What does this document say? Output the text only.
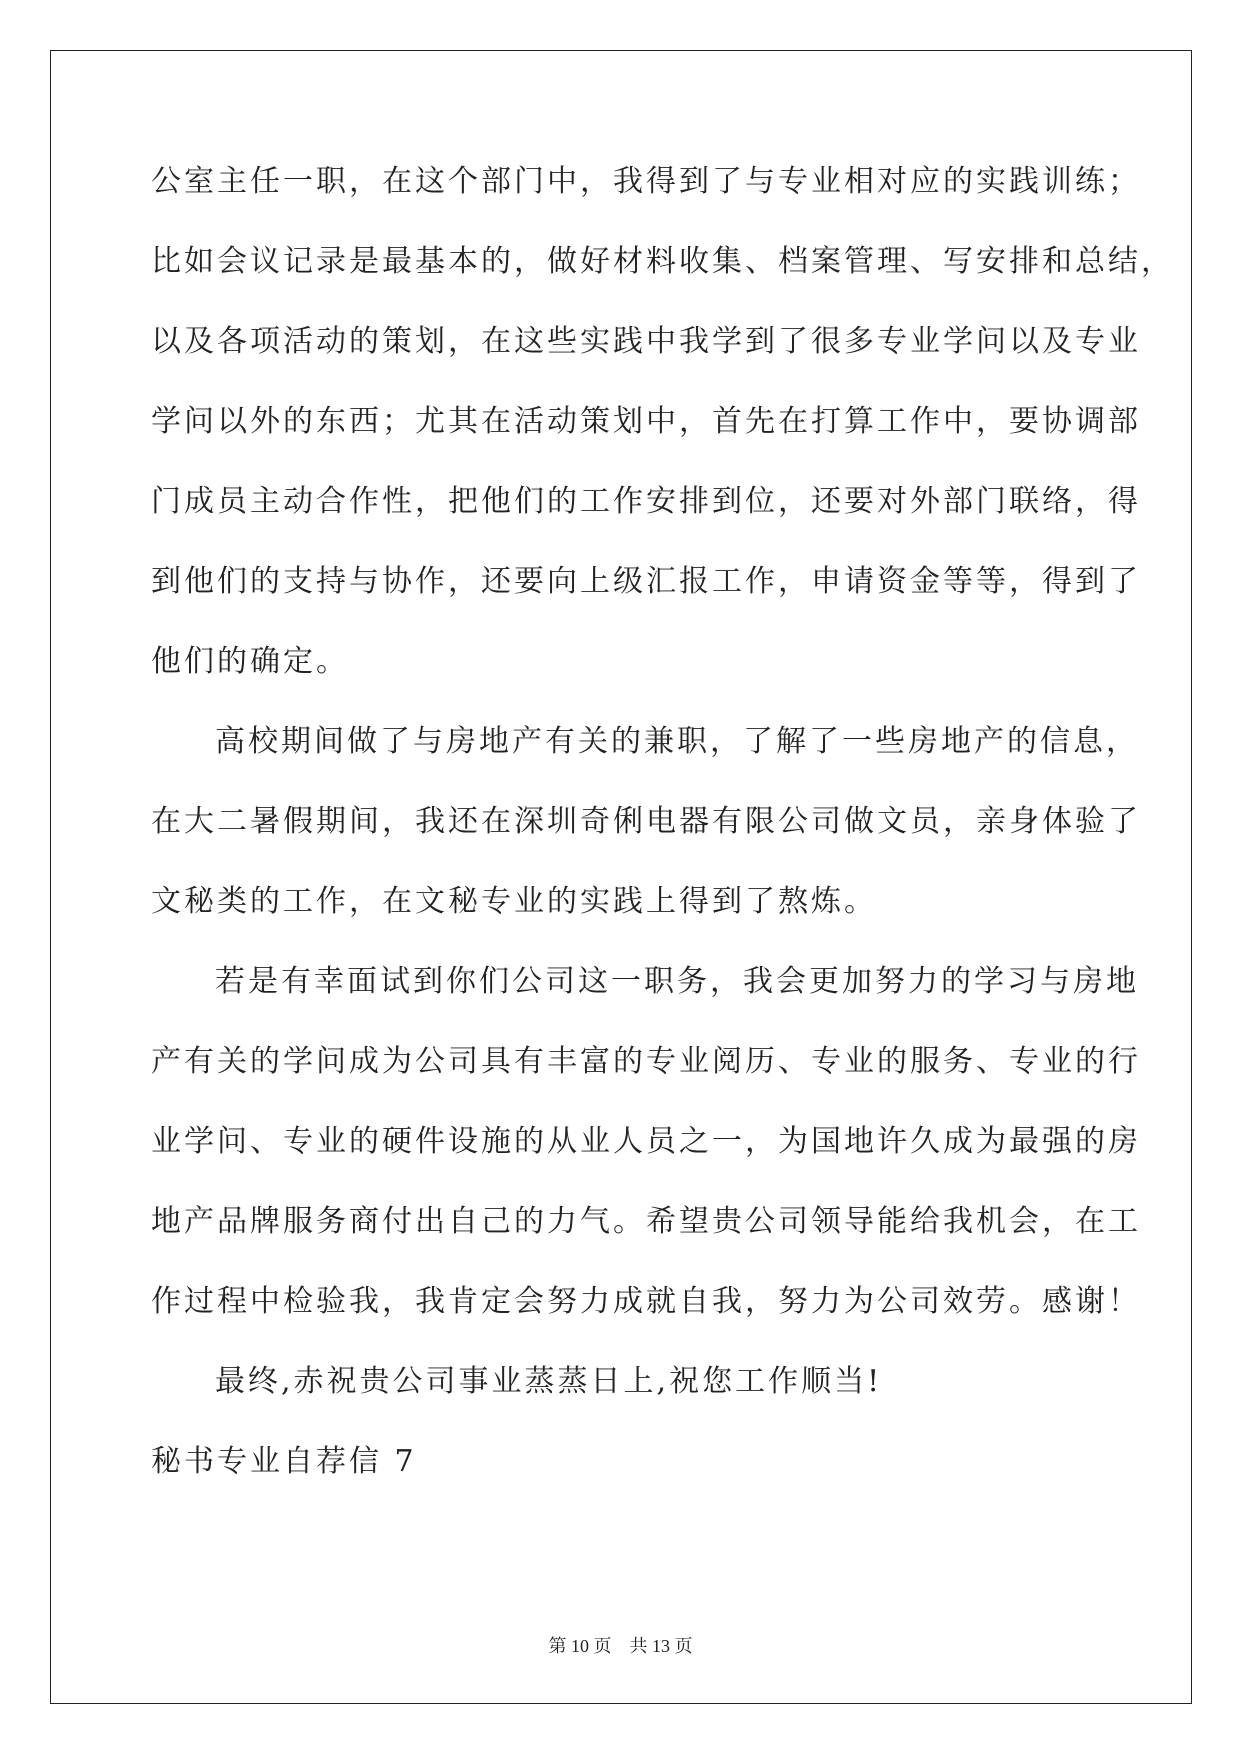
公室主任一职，在这个部门中，我得到了与专业相对应的实践训练；
比如会议记录是最基本的，做好材料收集、档案管理、写安排和总结，
以及各项活动的策划，在这些实践中我学到了很多专业学问以及专业
学问以外的东西；尤其在活动策划中，首先在打算工作中，要协调部
门成员主动合作性，把他们的工作安排到位，还要对外部门联络，得
到他们的支持与协作，还要向上级汇报工作，申请资金等等，得到了
他们的确定。
高校期间做了与房地产有关的兼职，了解了一些房地产的信息，
在大二暑假期间，我还在深圳奇俐电器有限公司做文员，亲身体验了
文秘类的工作，在文秘专业的实践上得到了熬炼。
若是有幸面试到你们公司这一职务，我会更加努力的学习与房地
产有关的学问成为公司具有丰富的专业阅历、专业的服务、专业的行
业学问、专业的硬件设施的从业人员之一，为国地许久成为最强的房
地产品牌服务商付出自己的力气。希望贵公司领导能给我机会，在工
作过程中检验我，我肯定会努力成就自我，努力为公司效劳。感谢！
最终,赤祝贵公司事业蒸蒸日上,祝您工作顺当!
秘书专业自荐信 7
第 10 页　共 13 页
